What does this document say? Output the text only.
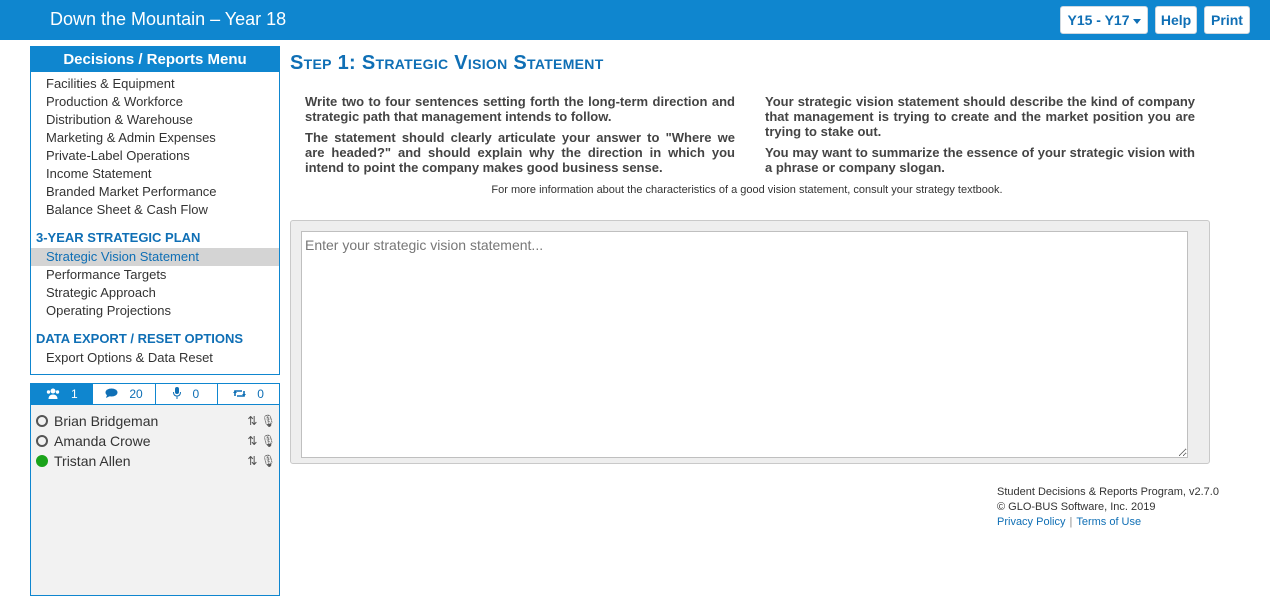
Down the Mountain – Year 18	Y15 - Y17	Help	Print
Decisions / Reports Menu
Facilities & Equipment
Production & Workforce
Distribution & Warehouse
Marketing & Admin Expenses
Private-Label Operations
Income Statement
Branded Market Performance
Balance Sheet & Cash Flow
3-YEAR STRATEGIC PLAN
Strategic Vision Statement
Performance Targets
Strategic Approach
Operating Projections
DATA EXPORT / RESET OPTIONS
Export Options & Data Reset
1	20	0	0
Brian Bridgeman	⇅ 🎙
Amanda Crowe	⇅ 🎙
Tristan Allen	⇅ 🎙
Step 1: Strategic Vision Statement

Write two to four sentences setting forth the long-term direction and strategic path that management intends to follow.

The statement should clearly articulate your answer to "Where we are headed?" and should explain why the direction in which you intend to point the company makes good business sense.

Your strategic vision statement should describe the kind of company that management is trying to create and the market position you are trying to stake out.

You may want to summarize the essence of your strategic vision with a phrase or company slogan.

For more information about the characteristics of a good vision statement, consult your strategy textbook.
Enter your strategic vision statement...
Student Decisions & Reports Program, v2.7.0
© GLO-BUS Software, Inc. 2019
Privacy Policy | Terms of Use
